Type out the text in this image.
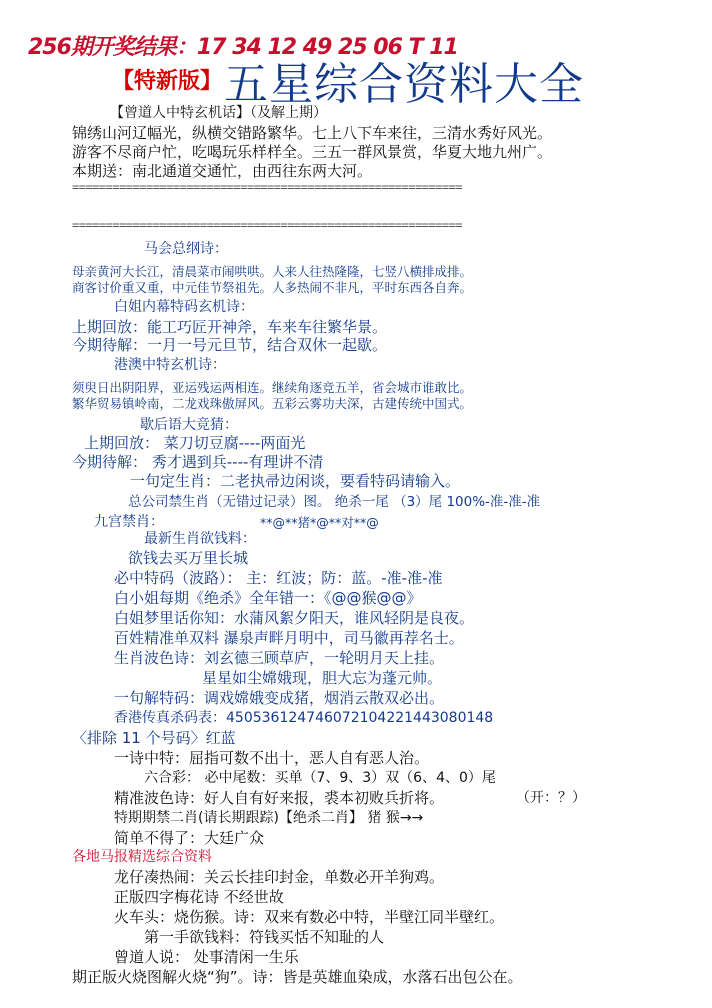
256期开奖结果：17 34 12 49 25 06 T 11
【特新版】 五星综合资料大全
【曾道人中特玄机话】（及解上期）
锦绣山河辽幅光，纵横交错路繁华。七上八下车来往，三清水秀好风光。
游客不尽商户忙，吃喝玩乐样样全。三五一群风景赏，华夏大地九州广。
本期送：南北通道交通忙，由西往东两大河。
==========================================================
==========================================================
马会总纲诗：
母亲黄河大长江，清晨菜市闹哄哄。人来人往热隆隆，七竖八横排成排。
商客讨价重又重，中元佳节祭祖先。人多热闹不非凡，平时东西各自奔。
白姐内幕特码玄机诗：
上期回放：能工巧匠开神斧，车来车往繁华景。
今期待解：一月一号元旦节，结合双休一起歇。
港澳中特玄机诗：
须臾日出阴阳界，亚运残运两相连。继续角逐竞五羊，省会城市谁敢比。
繁华贸易镇岭南，二龙戏珠傲屏风。五彩云雾功夫深，古建传统中国式。
歇后语大竞猜：
上期回放： 菜刀切豆腐----两面光
今期待解： 秀才遇到兵----有理讲不清
一句定生肖：二老执帚边闲谈，要看特码请输入。
总公司禁生肖（无错过记录）图。 绝杀一尾 （3）尾 100%-准-准-准
九宫禁肖：	**@**猪*@**对**@
最新生肖欲钱料：
欲钱去买万里长城
必中特码（波路）： 主：红波；防：蓝。-准-准-准
白小姐每期《绝杀》全年错一：《@@猴@@》
白姐梦里话你知：水蒲风絮夕阳天，谁风轻阴是良夜。
百姓精准单双料 瀑泉声畔月明中，司马徽再荐名士。
生肖波色诗：刘玄德三顾草庐，一轮明月天上挂。
星星如尘嫦娥现，胆大忘为蓬元帅。
一句解特码：调戏嫦娥变成猪，烟消云散双必出。
香港传真杀码表：45053612474607210422144308014​8
〈排除 11 个号码〉红蓝
一诗中特：屈指可数不出十，恶人自有恶人治。
六合彩： 必中尾数：买单（7、9、3）双（6、4、0）尾
精准波色诗：好人自有好来报，裘本初败兵折将。	（开：？）
特期期禁二肖(请长期跟踪)【绝杀二肖】 猪 猴→→
简单不得了：大廷广众
各地马报精选综合资料
龙仔凑热闹：关云长挂印封金，单数必开羊狗鸡。
正版四字梅花诗 不经世故
火车头：烧伤猴。诗：双来有数必中特，半壁江同半壁红。
第一手欲钱料：符钱买恬不知耻的人
曾道人说： 处事清闲一生乐
期正版火烧图解火烧“狗”。诗：皆是英雄血染成，水落石出包公在。
